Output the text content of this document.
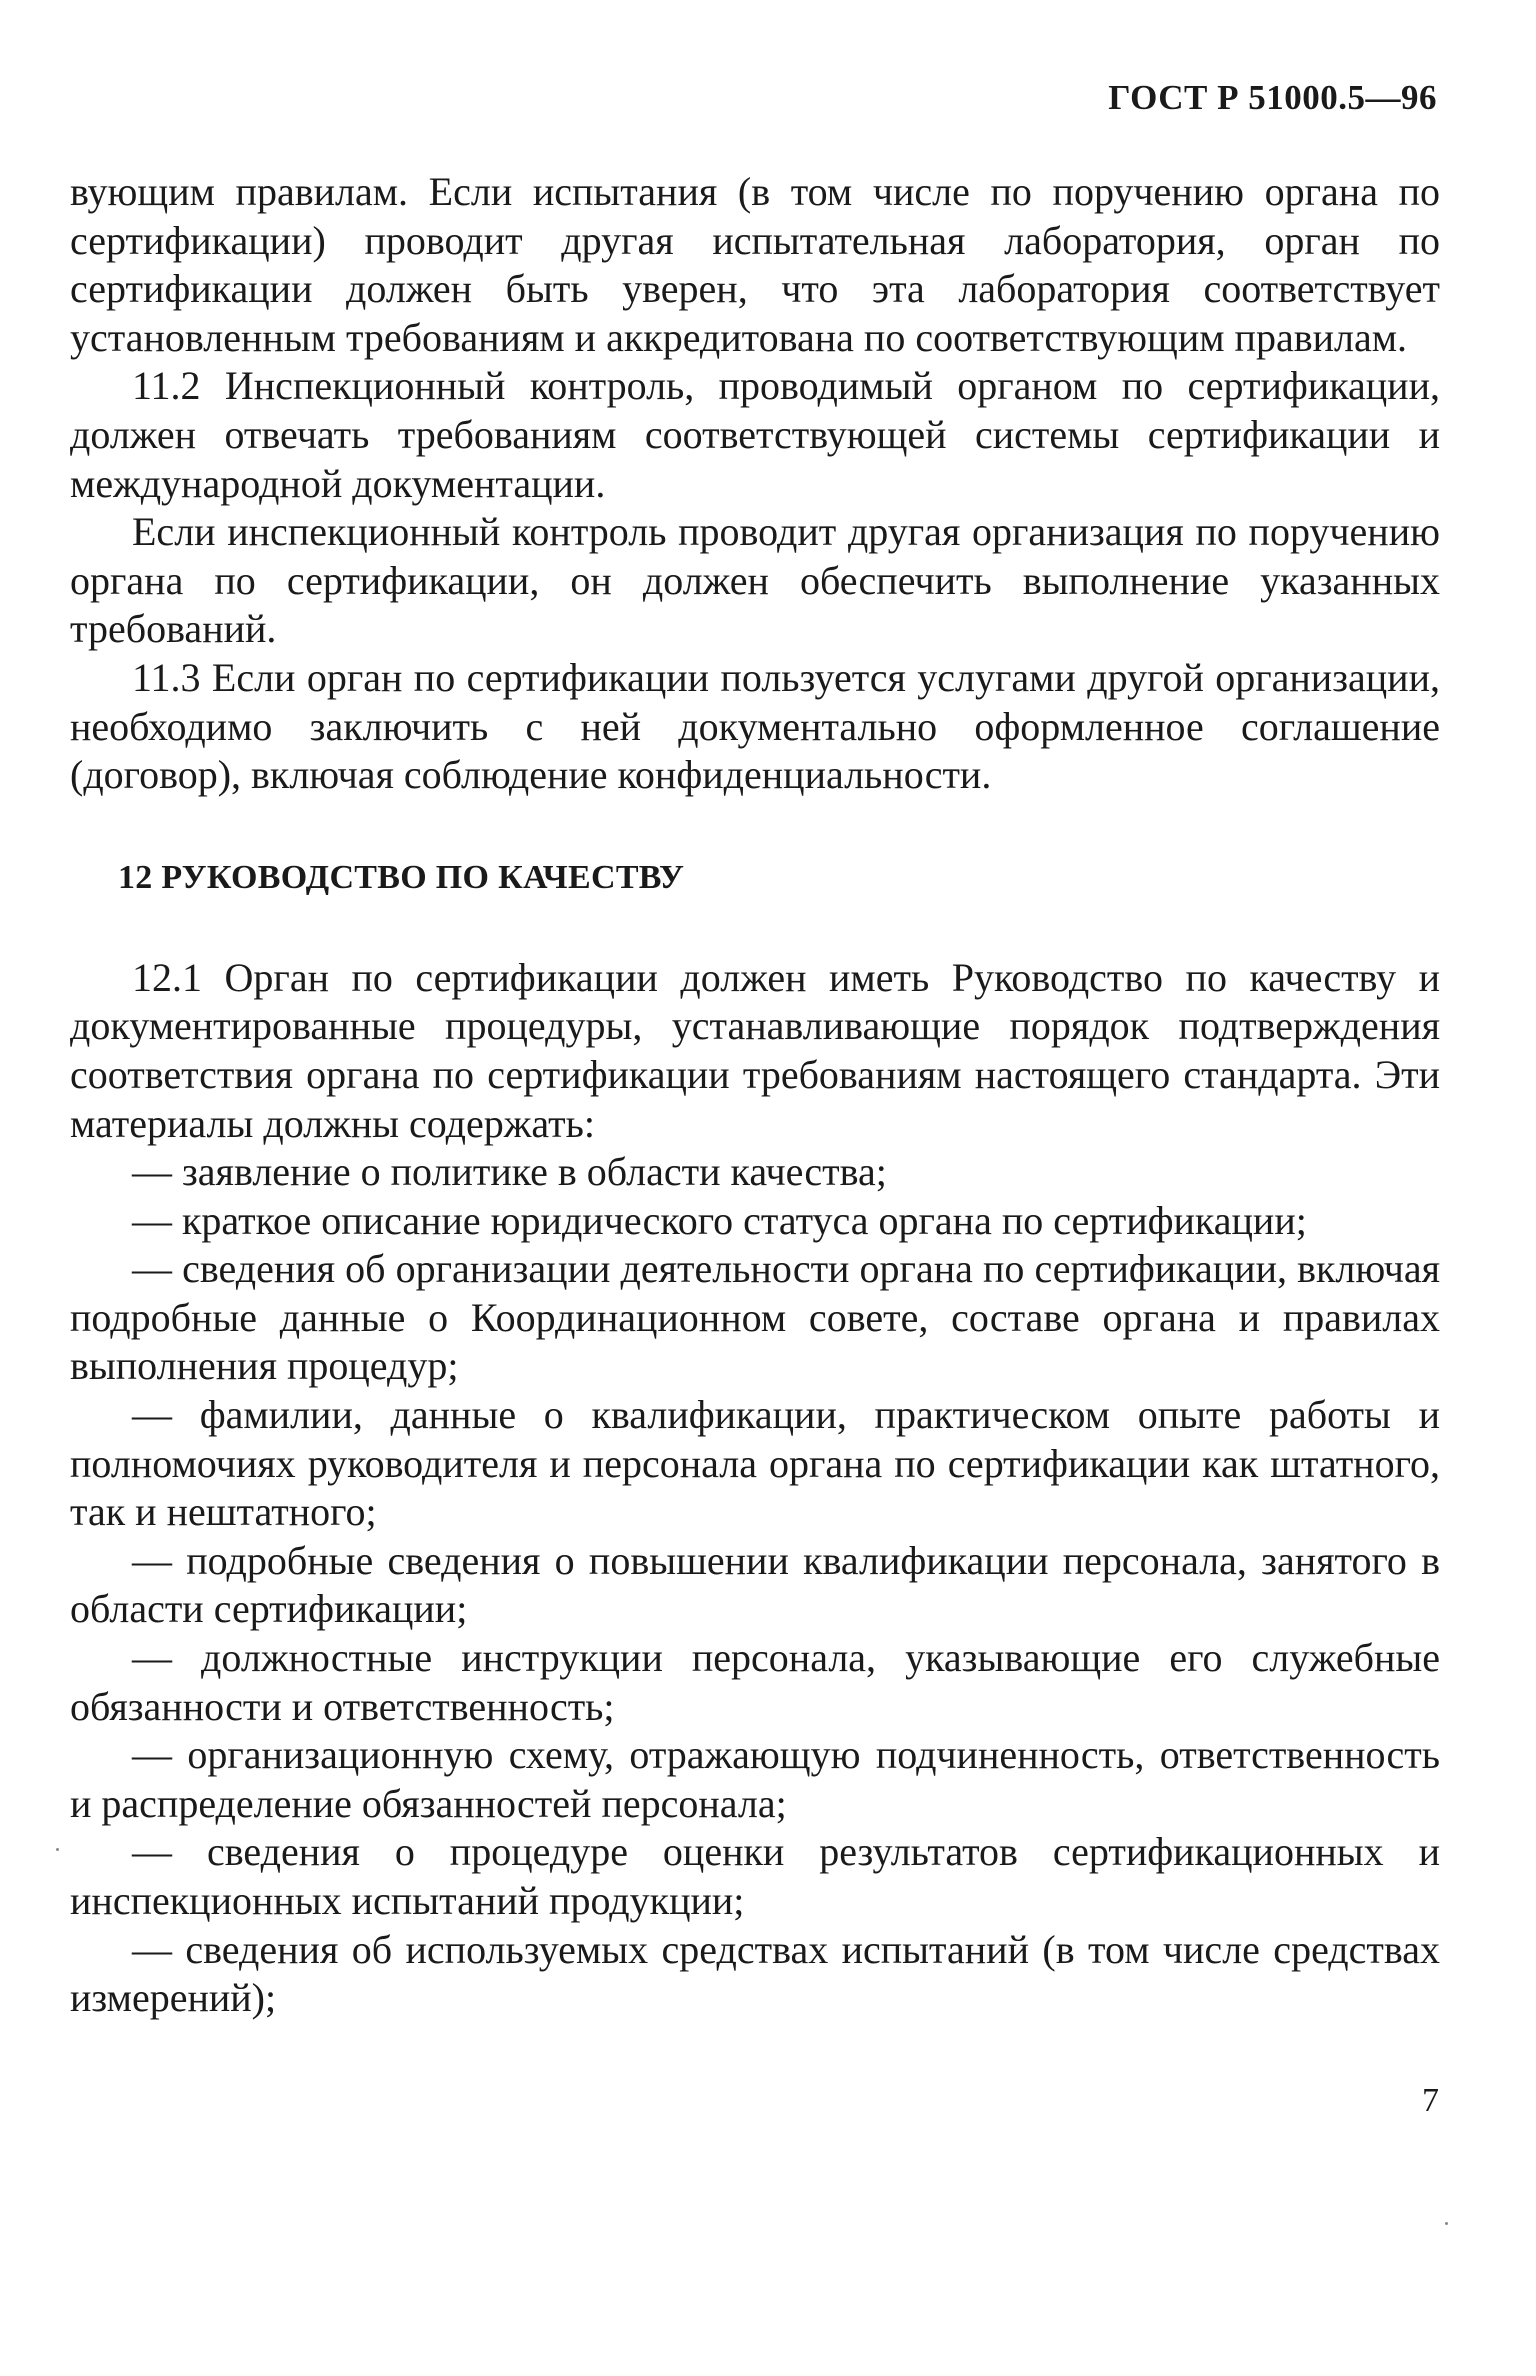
ГОСТ Р 51000.5—96

вующим правилам. Если испытания (в том числе по поручению органа по сертификации) проводит другая испытательная лаборатория, орган по сертификации должен быть уверен, что эта лаборатория соответствует установленным требованиям и аккредитована по соответствующим правилам.

11.2 Инспекционный контроль, проводимый органом по сертификации, должен отвечать требованиям соответствующей системы сертификации и международной документации.

Если инспекционный контроль проводит другая организация по поручению органа по сертификации, он должен обеспечить выполнение указанных требований.

11.3 Если орган по сертификации пользуется услугами другой организации, необходимо заключить с ней документально оформленное соглашение (договор), включая соблюдение конфиденциальности.

12 РУКОВОДСТВО ПО КАЧЕСТВУ

12.1 Орган по сертификации должен иметь Руководство по качеству и документированные процедуры, устанавливающие порядок подтверждения соответствия органа по сертификации требованиям настоящего стандарта. Эти материалы должны содержать:

— заявление о политике в области качества;

— краткое описание юридического статуса органа по сертификации;

— сведения об организации деятельности органа по сертификации, включая подробные данные о Координационном совете, составе органа и правилах выполнения процедур;

— фамилии, данные о квалификации, практическом опыте работы и полномочиях руководителя и персонала органа по сертификации как штатного, так и нештатного;

— подробные сведения о повышении квалификации персонала, занятого в области сертификации;

— должностные инструкции персонала, указывающие его служебные обязанности и ответственность;

— организационную схему, отражающую подчиненность, ответственность и распределение обязанностей персонала;

— сведения о процедуре оценки результатов сертификационных и инспекционных испытаний продукции;

— сведения об используемых средствах испытаний (в том числе средствах измерений);

7
